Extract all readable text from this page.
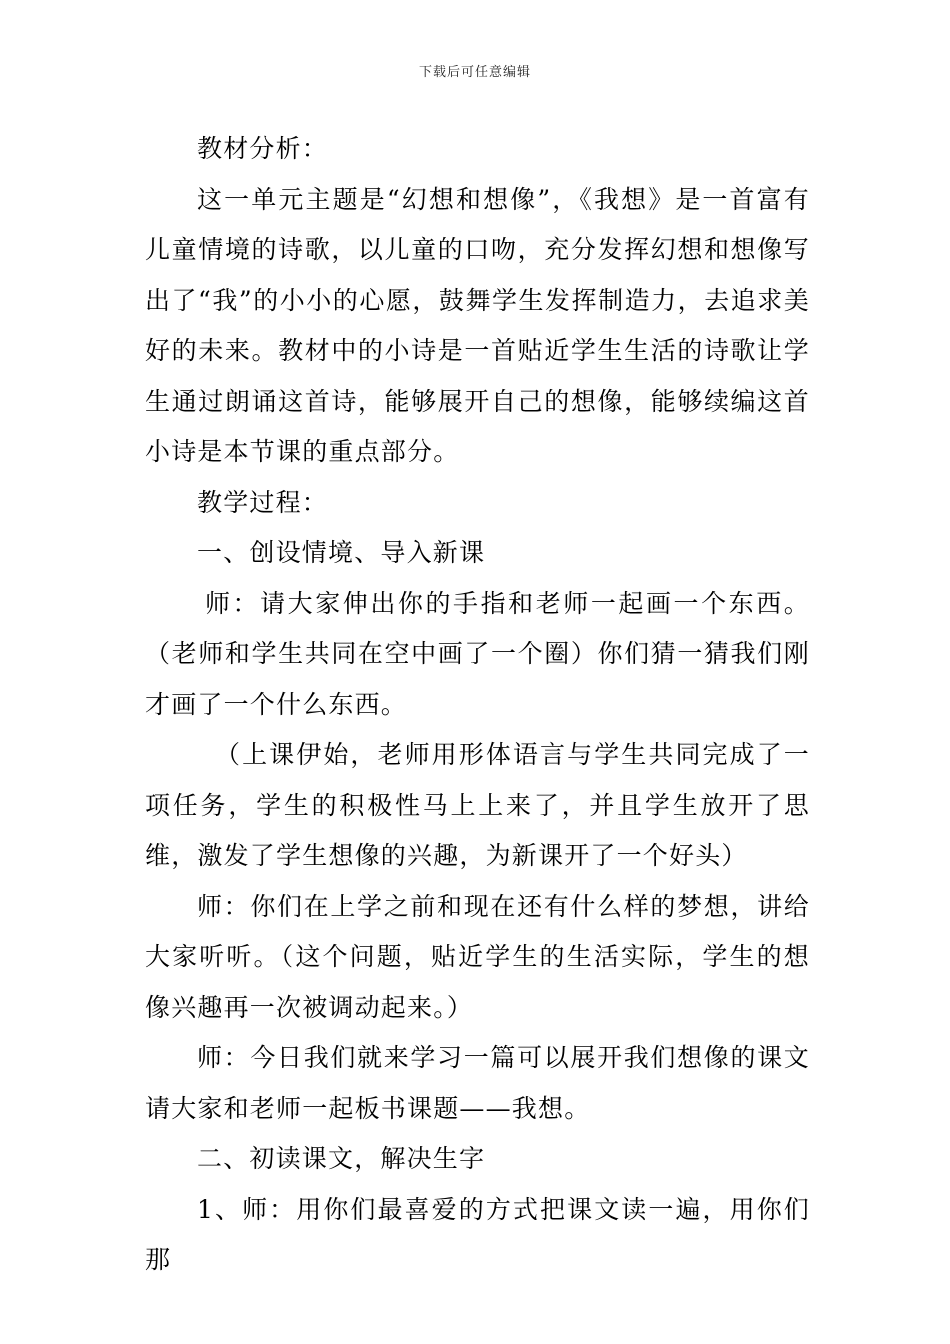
下载后可任意编辑

教材分析：

这一单元主题是“幻想和想像”，《我想》是一首富有儿童情境的诗歌，以儿童的口吻，充分发挥幻想和想像写出了“我”的小小的心愿，鼓舞学生发挥制造力，去追求美好的未来。教材中的小诗是一首贴近学生生活的诗歌让学生通过朗诵这首诗，能够展开自己的想像，能够续编这首小诗是本节课的重点部分。

教学过程：

一、创设情境、导入新课

师：请大家伸出你的手指和老师一起画一个东西。（老师和学生共同在空中画了一个圈）你们猜一猜我们刚才画了一个什么东西。

（上课伊始，老师用形体语言与学生共同完成了一项任务，学生的积极性马上上来了，并且学生放开了思维，激发了学生想像的兴趣，为新课开了一个好头）

师：你们在上学之前和现在还有什么样的梦想，讲给大家听听。（这个问题，贴近学生的生活实际，学生的想像兴趣再一次被调动起来。）

师：今日我们就来学习一篇可以展开我们想像的课文请大家和老师一起板书课题——我想。

二、初读课文，解决生字

1、师：用你们最喜爱的方式把课文读一遍，用你们那
